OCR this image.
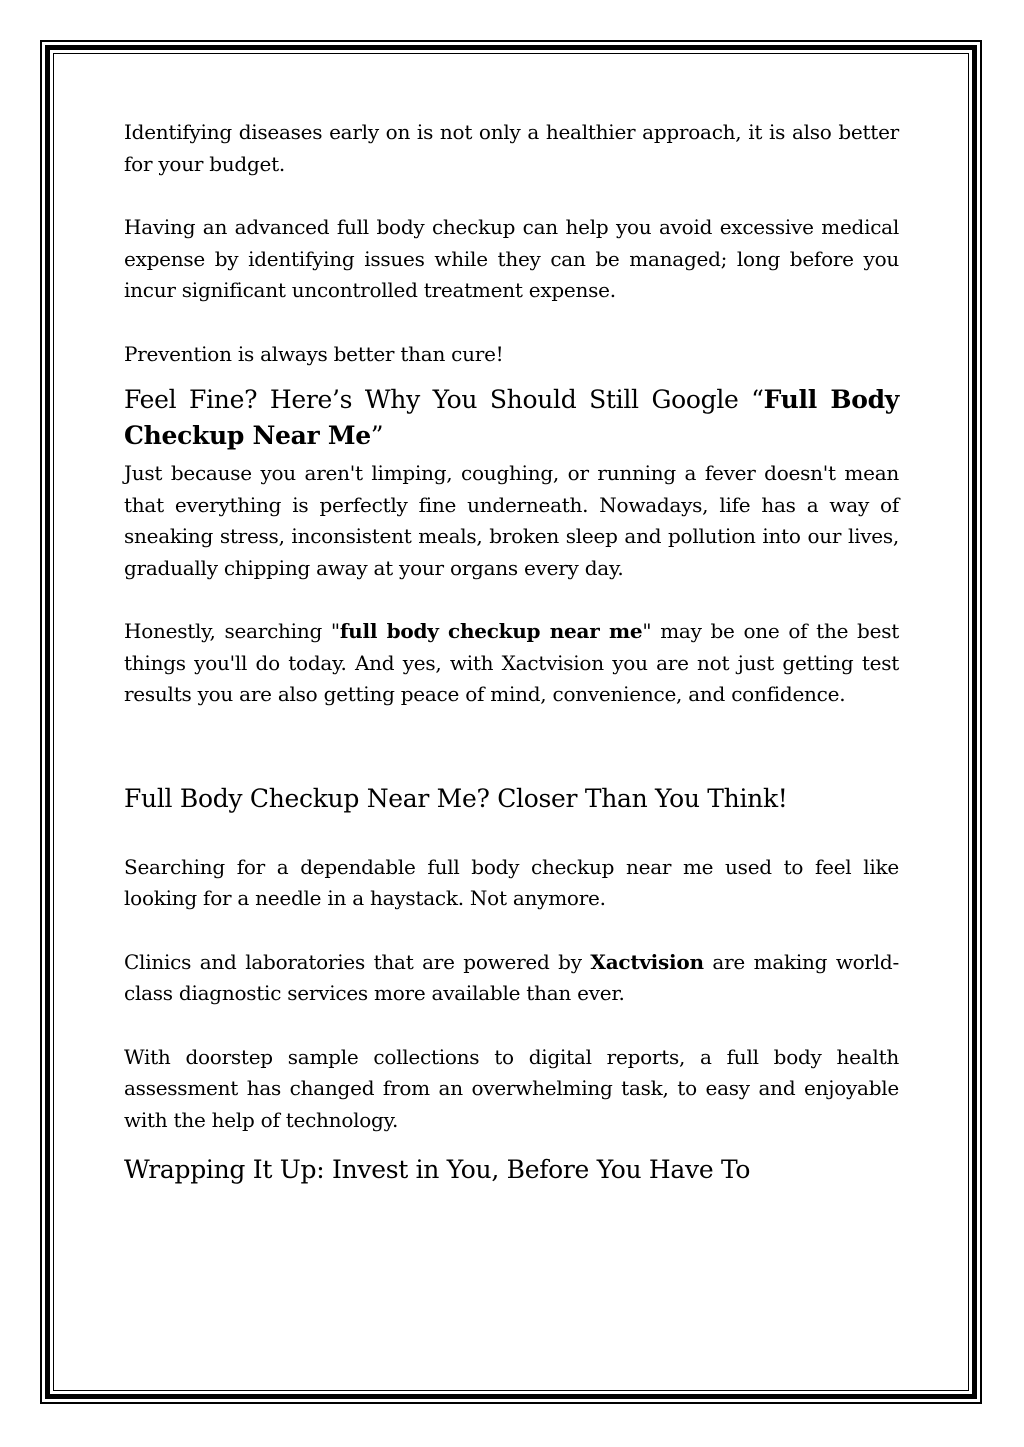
Identifying diseases early on is not only a healthier approach, it is also better for your budget.

Having an advanced full body checkup can help you avoid excessive medical expense by identifying issues while they can be managed; long before you incur significant uncontrolled treatment expense.

Prevention is always better than cure!

Feel Fine? Here’s Why You Should Still Google “Full Body Checkup Near Me”

Just because you aren't limping, coughing, or running a fever doesn't mean that everything is perfectly fine underneath. Nowadays, life has a way of sneaking stress, inconsistent meals, broken sleep and pollution into our lives, gradually chipping away at your organs every day.

Honestly, searching "full body checkup near me" may be one of the best things you'll do today. And yes, with Xactvision you are not just getting test results you are also getting peace of mind, convenience, and confidence.

Full Body Checkup Near Me? Closer Than You Think!

Searching for a dependable full body checkup near me used to feel like looking for a needle in a haystack. Not anymore.

Clinics and laboratories that are powered by Xactvision are making world-class diagnostic services more available than ever.

With doorstep sample collections to digital reports, a full body health assessment has changed from an overwhelming task, to easy and enjoyable with the help of technology.

Wrapping It Up: Invest in You, Before You Have To
